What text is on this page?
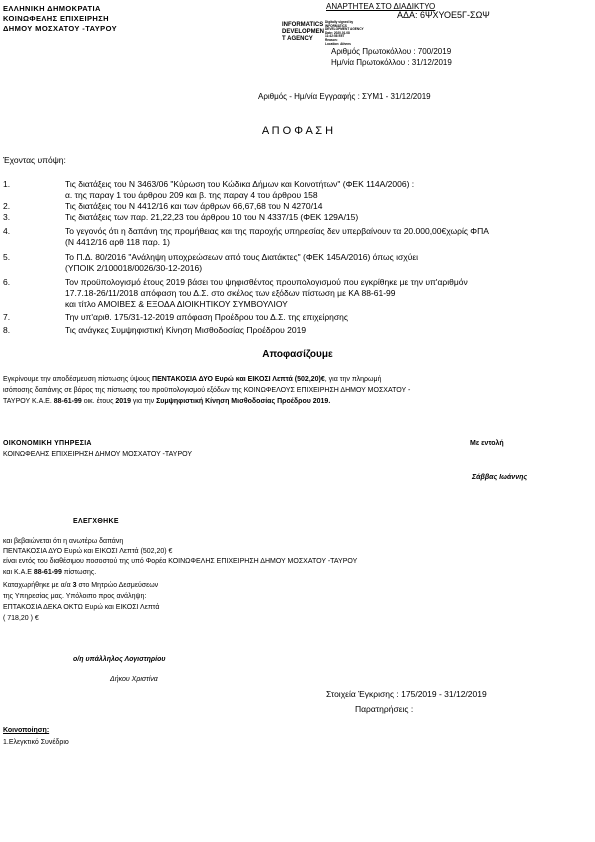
ΕΛΛΗΝΙΚΗ ΔΗΜΟΚΡΑΤΙΑ
ΚΟΙΝΩΦΕΛΗΣ ΕΠΙΧΕΙΡΗΣΗ
ΔΗΜΟΥ ΜΟΣΧΑΤΟΥ -ΤΑΥΡΟΥ
ΑΝΑΡΤΗΤΕΑ ΣΤΟ ΔΙΑΔΙΚΤΥΟ
ΑΔΑ: 6ΨΧΥΟΕ5Γ-ΣΩΨ
INFORMATICS
DEVELOPMEN
T AGENCY
Digitally signed by
INFORMATICS
DEVELOPMENT AGENCY
Date: 2020.01.08
11:42:58 EET
Reason:
Location: Athens
Αριθμός Πρωτοκόλλου : 700/2019
Ημ/νία Πρωτοκόλλου : 31/12/2019
Αριθμός - Ημ/νία Εγγραφής : ΣΥΜ1 - 31/12/2019
Α Π Ο Φ Α Σ Η
Έχοντας υπόψη:
1.	Τις διατάξεις του Ν 3463/06 "Κύρωση του Κώδικα Δήμων και Κοινοτήτων" (ΦΕΚ 114Α/2006) :
α. της παραγ 1 του άρθρου 209 και β. της παραγ 4 του άρθρου 158
2.	Τις διατάξεις του Ν 4412/16 και των άρθρων 66,67,68 του Ν 4270/14
3.	Τις διατάξεις των παρ. 21,22,23 του άρθρου 10 του Ν 4337/15 (ΦΕΚ 129Α/15)
4.	Το γεγονός ότι η δαπάνη της προμήθειας και της παροχής υπηρεσίας δεν υπερβαίνουν τα 20.000,00€χωρίς ΦΠΑ
(Ν 4412/16 αρθ 118 παρ. 1)
5.	Το Π.Δ. 80/2016 "Ανάληψη υποχρεώσεων από τους Διατάκτες" (ΦΕΚ 145Α/2016) όπως ισχύει
(ΥΠΟΙΚ 2/100018/0026/30-12-2016)
6.	Τον προϋπολογισμό έτους 2019 βάσει του ψηφισθέντος προυπολογισμού που εγκρίθηκε με την υπ'αριθμόν
17.7.18-26/11/2018 απόφαση του Δ.Σ. στο σκέλος των εξόδων πίστωση με ΚΑ 88-61-99
και τίτλο ΑΜΟΙΒΕΣ & ΕΞΟΔΑ ΔΙΟΙΚΗΤΙΚΟΥ ΣΥΜΒΟΥΛΙΟΥ
7.	Την υπ'αριθ. 175/31-12-2019 απόφαση Προέδρου του Δ.Σ. της επιχείρησης
8.	Τις ανάγκες Συμψηφιστική Κίνηση Μισθοδοσίας Προέδρου 2019
Αποφασίζουμε
Εγκρίνουμε την αποδέσμευση πίστωσης ύψους ΠΕΝΤΑΚΟΣΙΑ ΔΥΟ Ευρώ και ΕΙΚΟΣΙ Λεπτά (502,20)€, για την πληρωμή
ισόποσης δαπάνης σε βάρος της πίστωσης του προϋπολογισμού εξόδων της ΚΟΙΝΩΦΕΛΟΥΣ ΕΠΙΧΕΙΡΗΣΗ ΔΗΜΟΥ ΜΟΣΧΑΤΟΥ -
ΤΑΥΡΟΥ Κ.Α.Ε. 88-61-99 οικ. έτους 2019 για την Συμψηφιστική Κίνηση Μισθοδοσίας Προέδρου 2019.
ΟΙΚΟΝΟΜΙΚΗ ΥΠΗΡΕΣΙΑ
ΚΟΙΝΩΦΕΛΗΣ ΕΠΙΧΕΙΡΗΣΗ ΔΗΜΟΥ ΜΟΣΧΑΤΟΥ -ΤΑΥΡΟΥ
Με εντολή
Σάββας Ιωάννης
ΕΛΕΓΧΘΗΚΕ
και βεβαιώνεται ότι η ανωτέρω δαπάνη
ΠΕΝΤΑΚΟΣΙΑ ΔΥΟ Ευρώ και ΕΙΚΟΣΙ Λεπτά (502,20) €
είναι εντός του διαθέσιμου ποσοστού της υπό Φορέα ΚΟΙΝΩΦΕΛΗΣ ΕΠΙΧΕΙΡΗΣΗ ΔΗΜΟΥ ΜΟΣΧΑΤΟΥ -ΤΑΥΡΟΥ
και Κ.Α.Ε 88-61-99 πίστωσης.
Καταχωρήθηκε με α/α 3 στο Μητρώο Δεσμεύσεων
της Υπηρεσίας μας. Υπόλοιπο προς ανάληψη:
ΕΠΤΑΚΟΣΙΑ ΔΕΚΑ ΟΚΤΩ Ευρώ και ΕΙΚΟΣΙ Λεπτά
( 718,20 ) €
ο/η υπάλληλος Λογιστηρίου
Δήκου Χριστίνα
Στοιχεία Έγκρισης : 175/2019 - 31/12/2019
Παρατηρήσεις :
Κοινοποίηση:
1.Ελεγκτικό Συνέδριο
